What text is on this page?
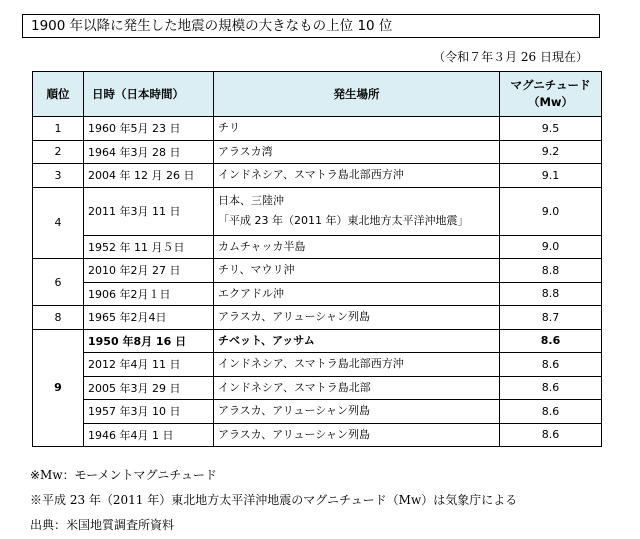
1900 年以降に発生した地震の規模の大きなもの上位 10 位
（令和７年３月 26 日現在）
順位	日時（日本時間）	発生場所	マグニチュード
（Mw）
1	1960 年5月 23 日	チリ	9.5
2	1964 年3月 28 日	アラスカ湾	9.2
3	2004 年 12 月 26 日	インドネシア、スマトラ島北部西方沖	9.1
4	2011 年3月 11 日	日本、三陸沖
「平成 23 年（2011 年）東北地方太平洋沖地震」	9.0
	1952 年 11 月５日	カムチャッカ半島	9.0
6	2010 年2月 27 日	チリ、マウリ沖	8.8
	1906 年2月１日	エクアドル沖	8.8
8	1965 年2月4日	アラスカ、アリューシャン列島	8.7
9	1950 年8月 16 日	チベット、アッサム	8.6
	2012 年4月 11 日	インドネシア、スマトラ島北部西方沖	8.6
	2005 年3月 29 日	インドネシア、スマトラ島北部	8.6
	1957 年3月 10 日	アラスカ、アリューシャン列島	8.6
	1946 年4月 1 日	アラスカ、アリューシャン列島	8.6
※Mw：モーメントマグニチュード
※平成 23 年（2011 年）東北地方太平洋沖地震のマグニチュード（Mw）は気象庁による
出典：米国地質調査所資料
